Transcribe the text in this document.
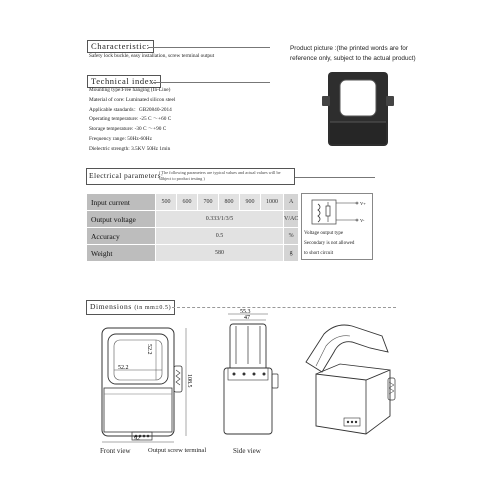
Characteristic:
Safety lock buckle, easy installation, screw terminal output
Product picture :(the printed words are for reference only, subject to the actual product)
Technical index:
Mounting type:Free hanging (In-Line)
Material of core: Luminated silicon steel
Applicable standards：GB20840-2014
Operating temperature: -25 C ～+60 C
Storage temperature: -30 C ～+90 C
Frequency range: 50Hz-60Hz
Dielectric strength: 3.5KV 50Hz 1min
Electrical parameters:
( The following parameters are typical values and actual values will be subject to product testing )
Input current	500	600	700	800	900	1000	A
Output voltage	0.333/1/3/5						V/AC
Accuracy	0.5						%
Weight	580						g
V+
V-
Voltage output type
Secondary is not allowed
to short circuit
Dimensions (in mm±0.5)
52.2
52.2
108.5
92
55.3
47
Front view	Output screw terminal	Side view
